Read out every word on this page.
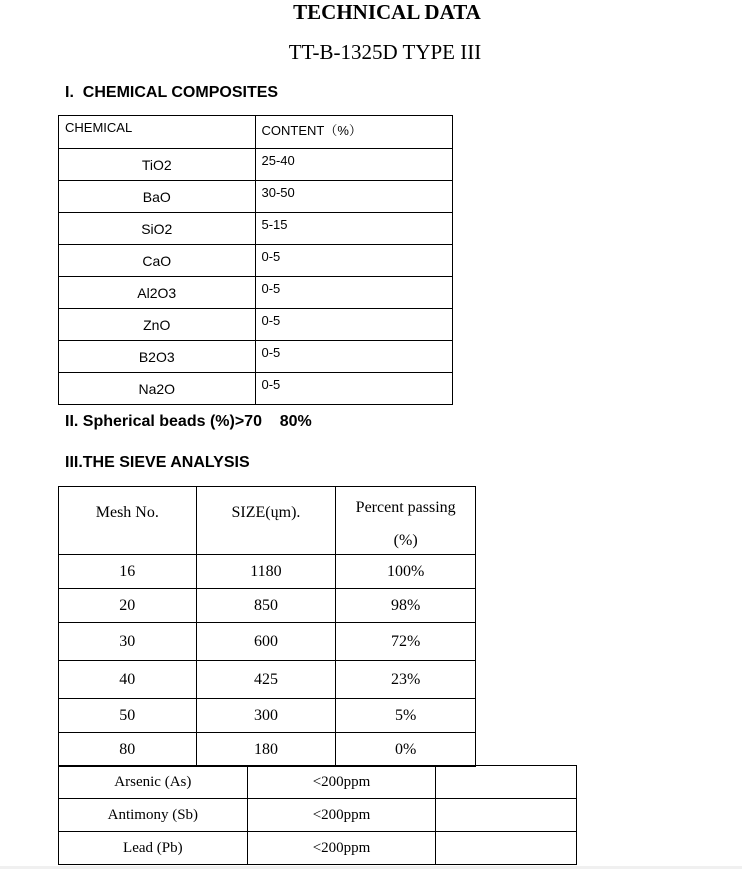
TECHNICAL DATA
TT-B-1325D TYPE III
I.  CHEMICAL COMPOSITES
CHEMICAL	CONTENT（%）
TiO2	25-40
BaO	30-50
SiO2	5-15
CaO	0-5
Al2O3	0-5
ZnO	0-5
B2O3	0-5
Na2O	0-5
II. Spherical beads (%)>70    80%
III.THE SIEVE ANALYSIS
Mesh No.	SIZE(ųm).	Percent passing
(%)

16	1180	100%
20	850	98%
30	600	72%
40	425	23%
50	300	5%
80	180	0%
Arsenic (As)	<200ppm	
Antimony (Sb)	<200ppm	
Lead (Pb)	<200ppm	
